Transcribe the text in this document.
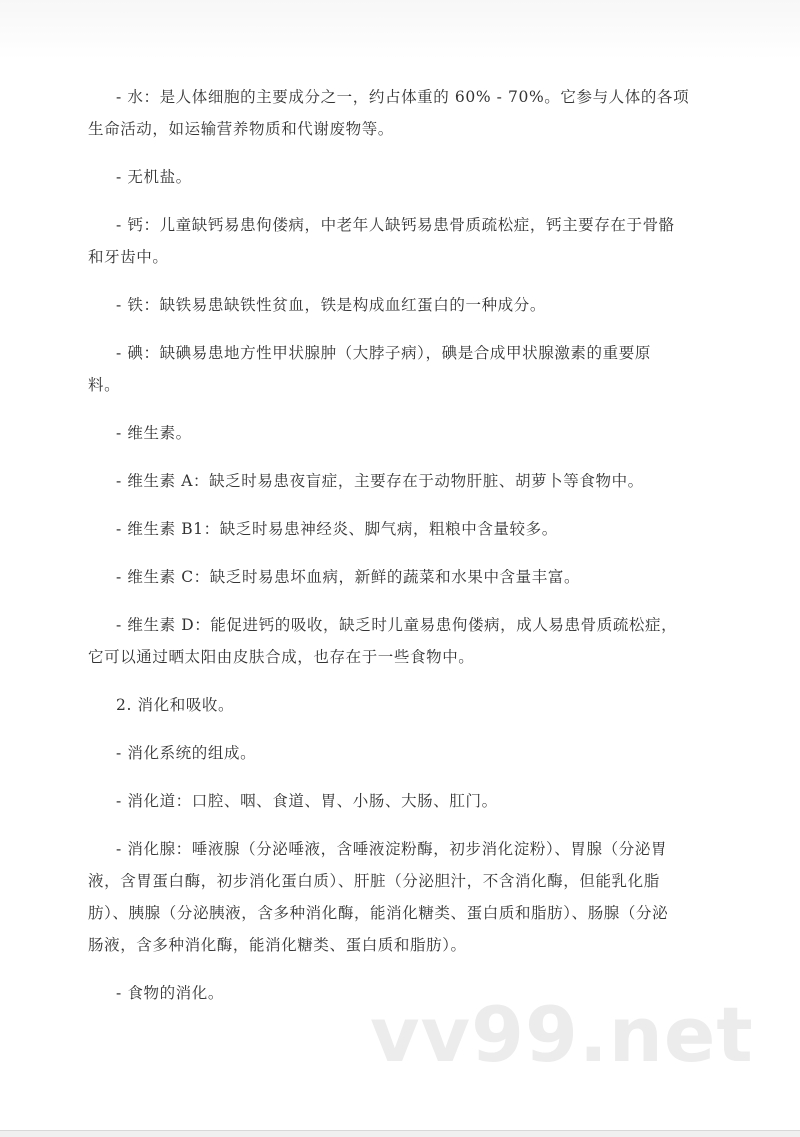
- 水：是人体细胞的主要成分之一，约占体重的 60% - 70%。它参与人体的各项
生命活动，如运输营养物质和代谢废物等。
- 无机盐。
- 钙：儿童缺钙易患佝偻病，中老年人缺钙易患骨质疏松症，钙主要存在于骨骼
和牙齿中。
- 铁：缺铁易患缺铁性贫血，铁是构成血红蛋白的一种成分。
- 碘：缺碘易患地方性甲状腺肿（大脖子病），碘是合成甲状腺激素的重要原
料。
- 维生素。
- 维生素 A：缺乏时易患夜盲症，主要存在于动物肝脏、胡萝卜等食物中。
- 维生素 B1：缺乏时易患神经炎、脚气病，粗粮中含量较多。
- 维生素 C：缺乏时易患坏血病，新鲜的蔬菜和水果中含量丰富。
- 维生素 D：能促进钙的吸收，缺乏时儿童易患佝偻病，成人易患骨质疏松症，
它可以通过晒太阳由皮肤合成，也存在于一些食物中。
2. 消化和吸收。
- 消化系统的组成。
- 消化道：口腔、咽、食道、胃、小肠、大肠、肛门。
- 消化腺：唾液腺（分泌唾液，含唾液淀粉酶，初步消化淀粉）、胃腺（分泌胃
液，含胃蛋白酶，初步消化蛋白质）、肝脏（分泌胆汁，不含消化酶，但能乳化脂
肪）、胰腺（分泌胰液，含多种消化酶，能消化糖类、蛋白质和脂肪）、肠腺（分泌
肠液，含多种消化酶，能消化糖类、蛋白质和脂肪）。
- 食物的消化。	vv99.net
